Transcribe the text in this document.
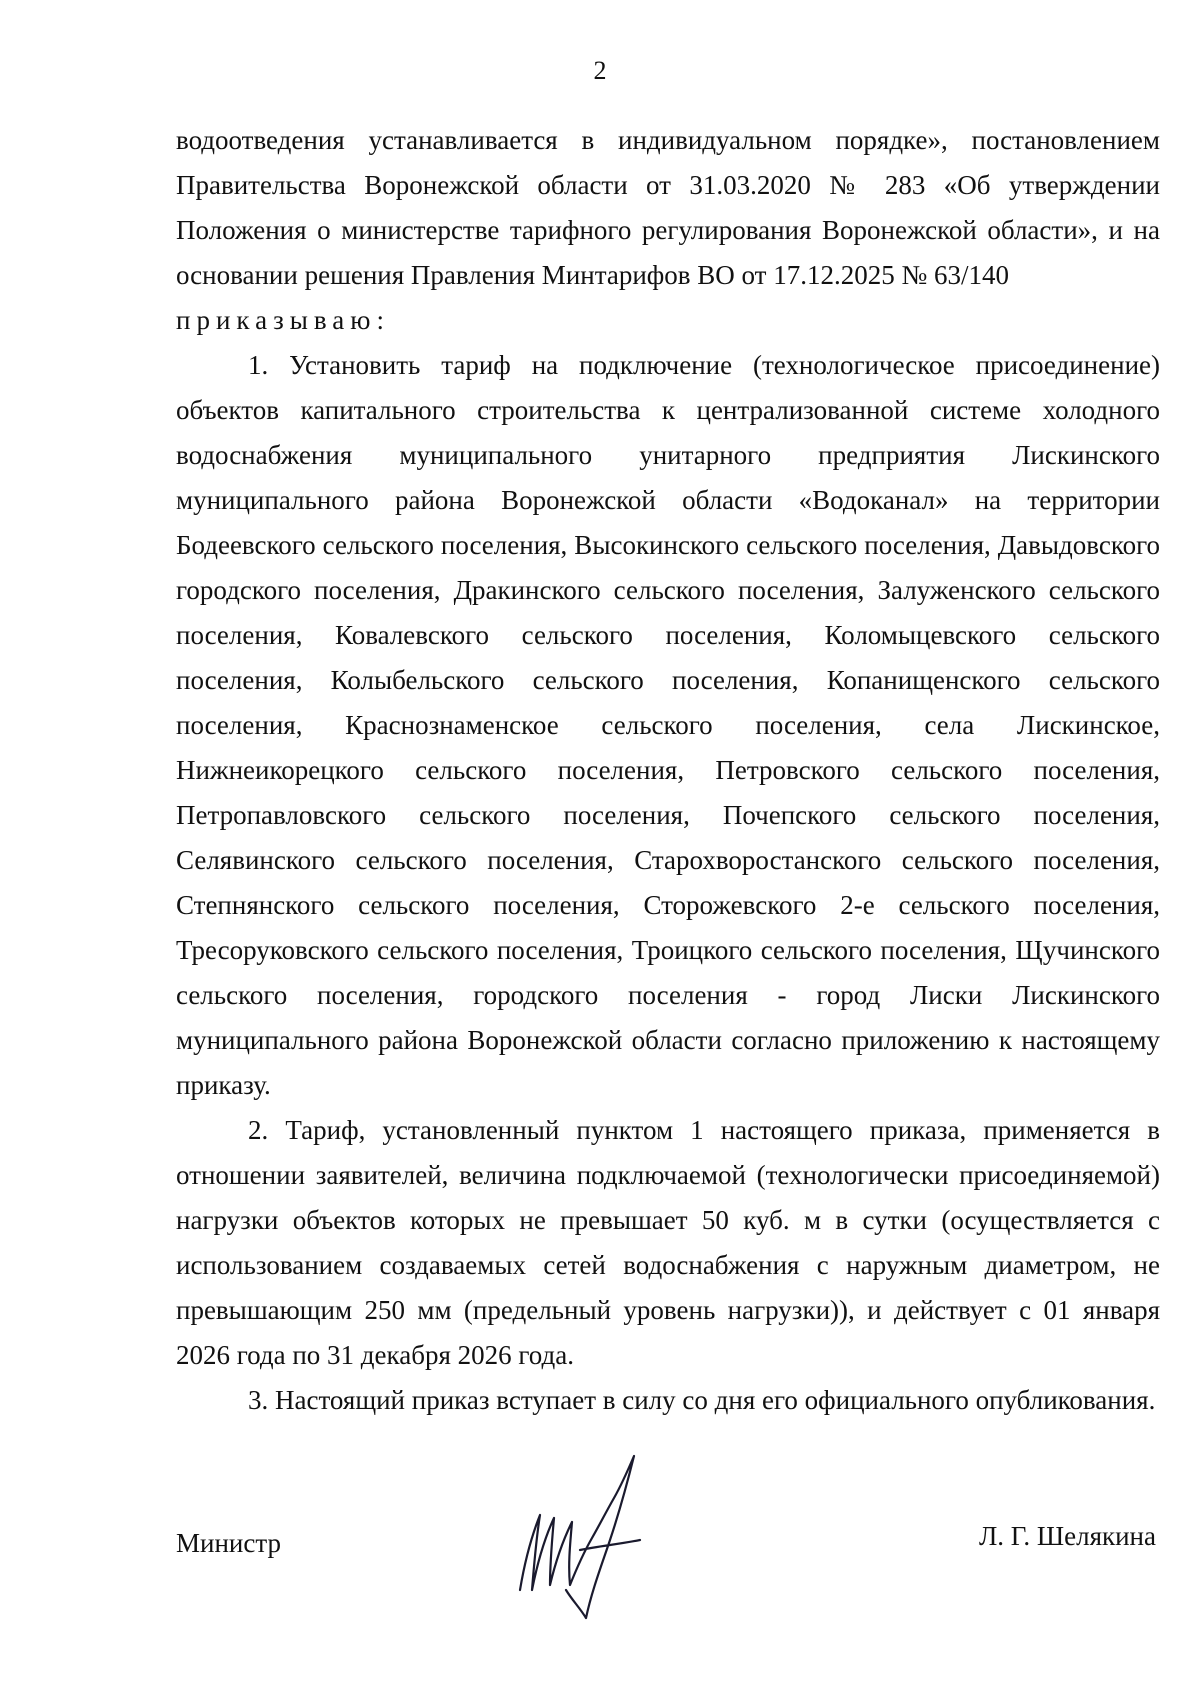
2

водоотведения устанавливается в индивидуальном порядке», постановлением Правительства Воронежской области от 31.03.2020 № 283 «Об утверждении Положения о министерстве тарифного регулирования Воронежской области», и на основании решения Правления Минтарифов ВО от 17.12.2025 № 63/140

приказываю:

1. Установить тариф на подключение (технологическое присоединение) объектов капитального строительства к централизованной системе холодного водоснабжения муниципального унитарного предприятия Лискинского муниципального района Воронежской области «Водоканал» на территории Бодеевского сельского поселения, Высокинского сельского поселения, Давыдовского городского поселения, Дракинского сельского поселения, Залуженского сельского поселения, Ковалевского сельского поселения, Коломыцевского сельского поселения, Колыбельского сельского поселения, Копанищенского сельского поселения, Краснознаменское сельского поселения, села Лискинское, Нижнеикорецкого сельского поселения, Петровского сельского поселения, Петропавловского сельского поселения, Почепского сельского поселения, Селявинского сельского поселения, Старохворостанского сельского поселения, Степнянского сельского поселения, Сторожевского 2-е сельского поселения, Тресоруковского сельского поселения, Троицкого сельского поселения, Щучинского сельского поселения, городского поселения - город Лиски Лискинского муниципального района Воронежской области согласно приложению к настоящему приказу.

2. Тариф, установленный пунктом 1 настоящего приказа, применяется в отношении заявителей, величина подключаемой (технологически присоединяемой) нагрузки объектов которых не превышает 50 куб. м в сутки (осуществляется с использованием создаваемых сетей водоснабжения с наружным диаметром, не превышающим 250 мм (предельный уровень нагрузки)), и действует с 01 января 2026 года по 31 декабря 2026 года.

3. Настоящий приказ вступает в силу со дня его официального опубликования.

Министр	Л. Г. Шелякина
